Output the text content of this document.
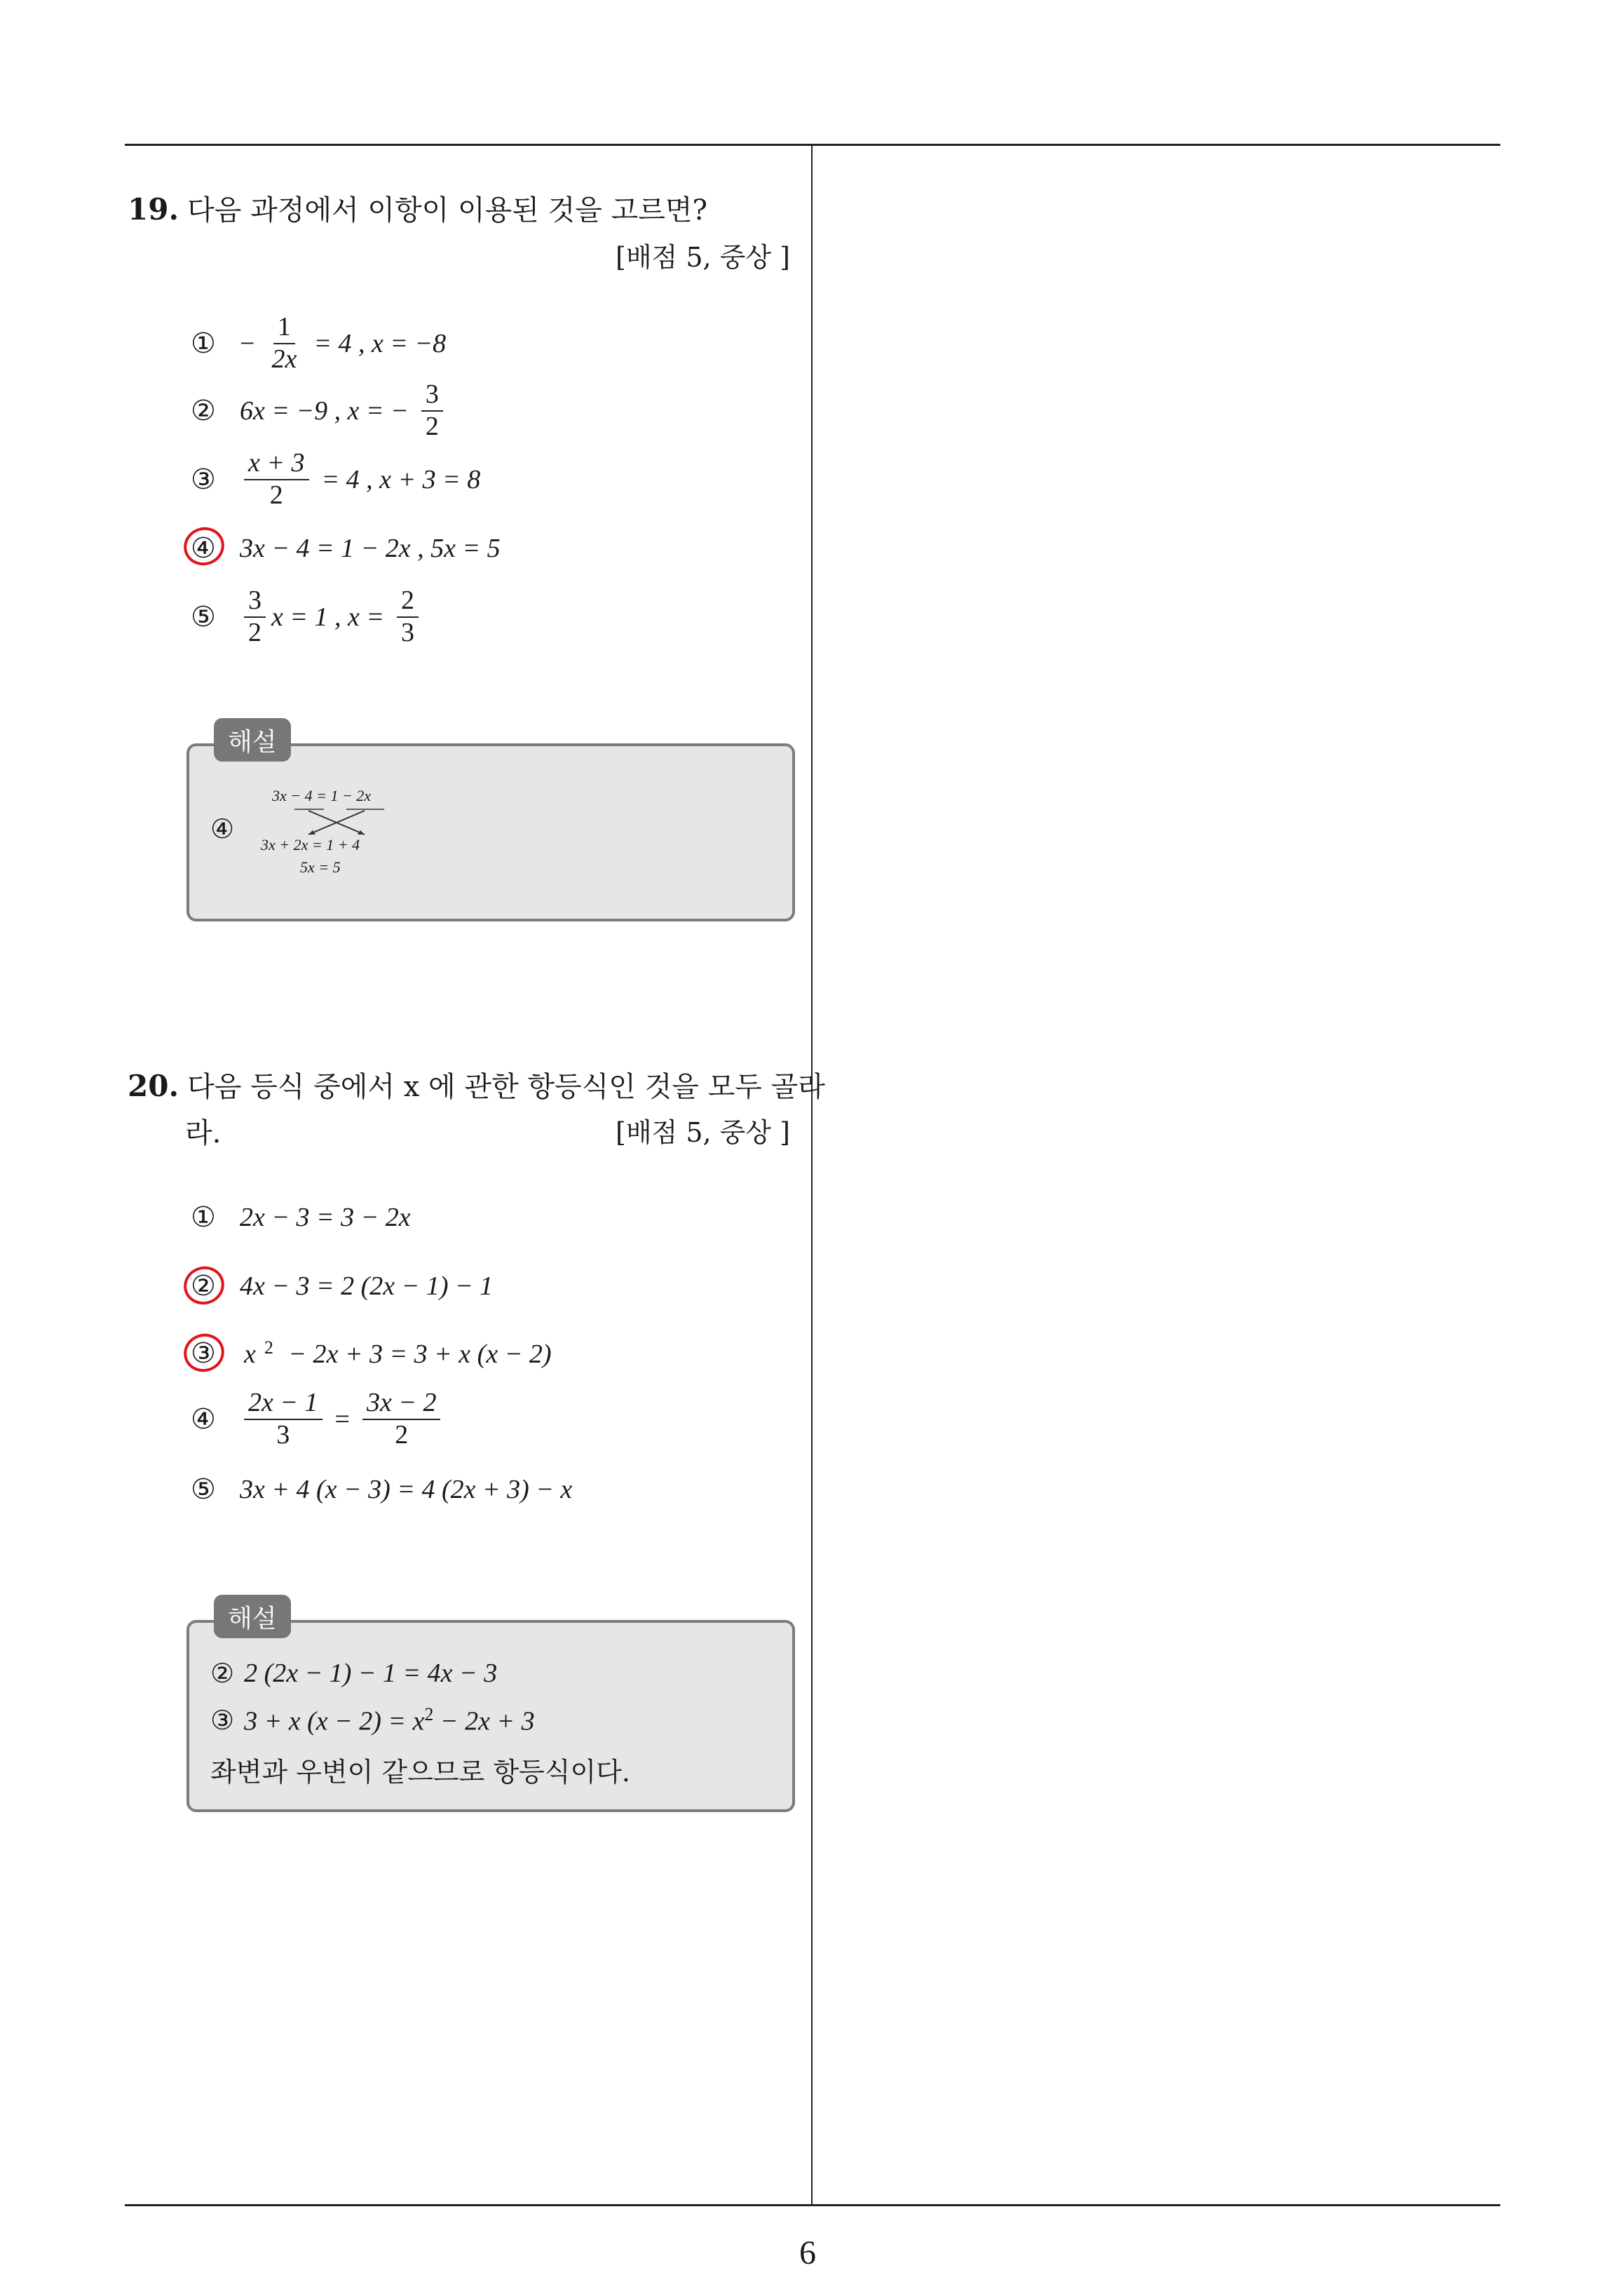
19. 다음 과정에서 이항이 이용된 것을 고르면?
[배점 5, 중상 ]
① − $\frac{1}{2x} = 4$ , x = −8
② 6x = −9 , x = − $\frac{3}{2}$
③ $\frac{x + 3}{2} = 4$ , x + 3 = 8
④ 3x − 4 = 1 − 2x , 5x = 5
⑤ $\frac{3}{2}$ x = 1 , $x = \frac{2}{3}$
해설
④
3x − 4 = 1 − 2x
3x + 2x = 1 + 4
5x = 5
20. 다음 등식 중에서 x 에 관한 항등식인 것을 모두 골라
라.	[배점 5, 중상 ]
① 2x − 3 = 3 − 2x
② 4x − 3 = 2 (2x − 1) − 1
③	x $^2$ − 2x + 3 = 3 + x (x − 2)
④ $\frac{2x - 1}{3} = \frac{3x - 2}{2}$
⑤ 3x + 4 (x − 3) = 4 (2x + 3) − x
해설
② 2 (2x − 1) − 1 = 4x − 3
③ 3 + x $(x - 2) = x^2 - 2x + 3$
좌변과 우변이 같으므로 항등식이다.
6
